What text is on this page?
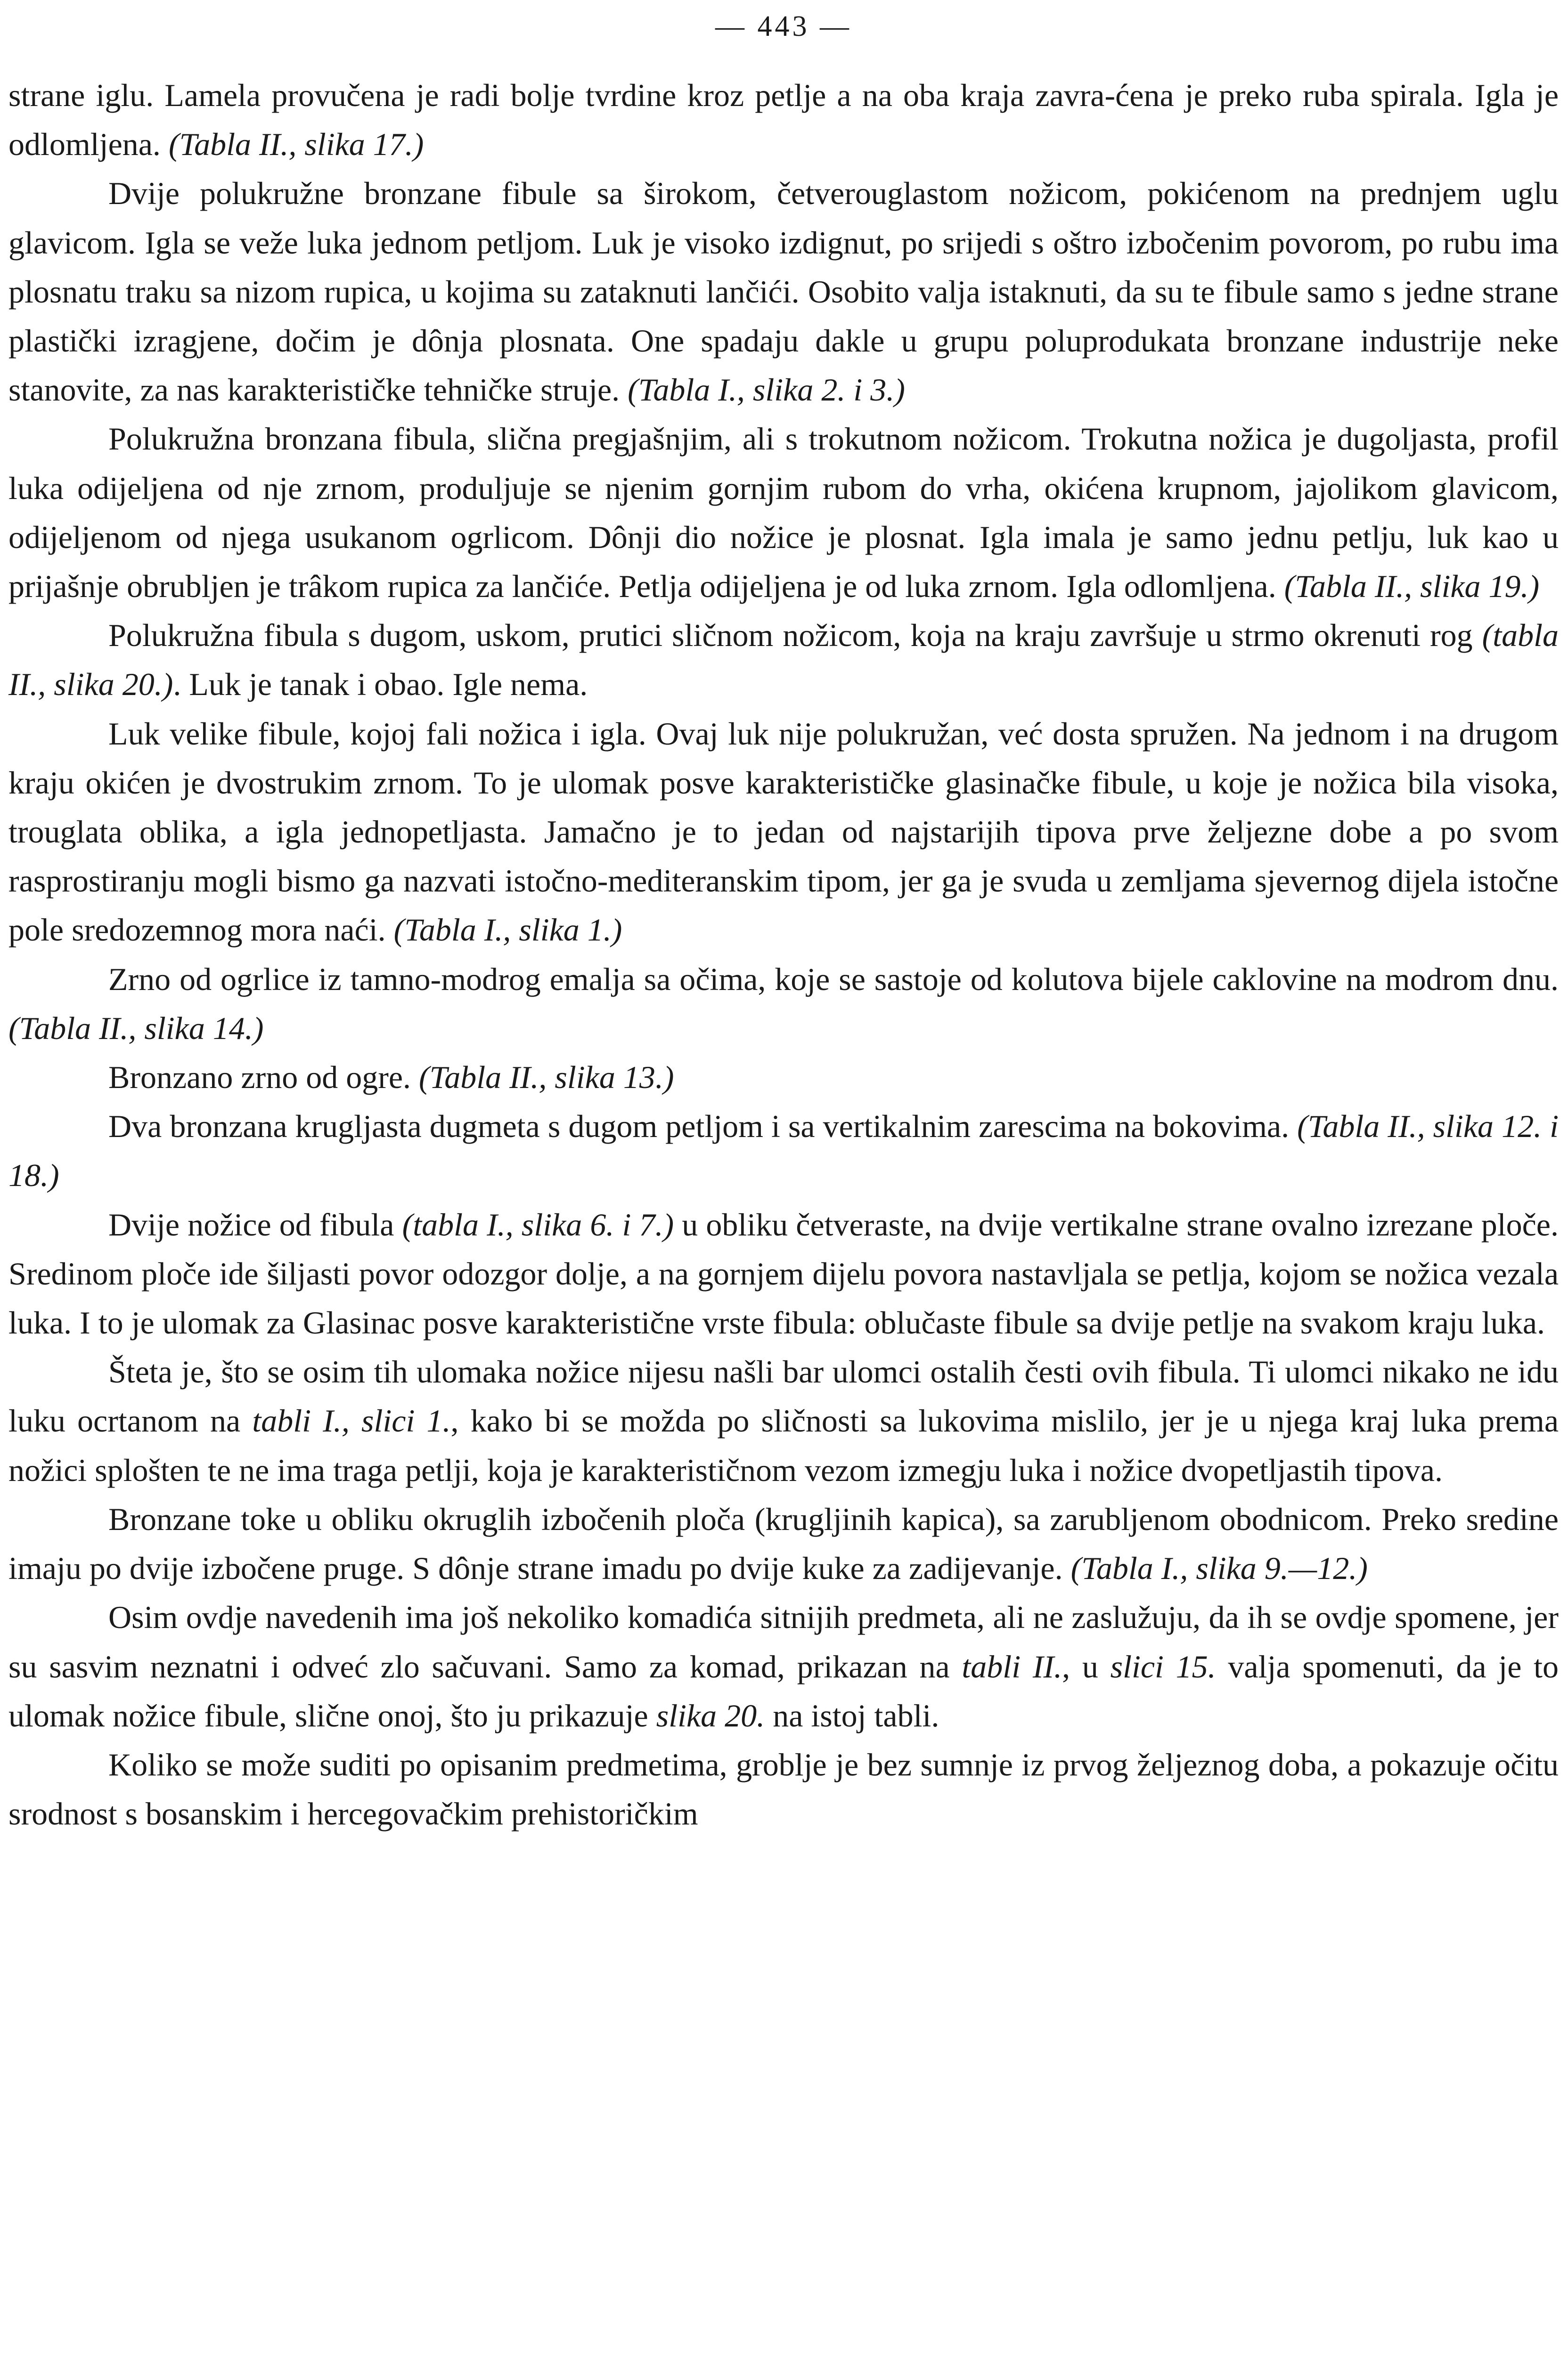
— 443 —

strane iglu. Lamela provučena je radi bolje tvrdine kroz petlje a na oba kraja zavra-ćena je preko ruba spirala. Igla je odlomljena. (Tabla II., slika 17.)

Dvije polukružne bronzane fibule sa širokom, četverouglastom nožicom, pokićenom na prednjem uglu glavicom. Igla se veže luka jednom petljom. Luk je visoko izdignut, po srijedi s oštro izbočenim povorom, po rubu ima plosnatu traku sa nizom rupica, u kojima su zataknuti lančići. Osobito valja istaknuti, da su te fibule samo s jedne strane plastički izragjene, dočim je dônja plosnata. One spadaju dakle u grupu poluprodukata bronzane industrije neke stanovite, za nas karakterističke tehničke struje. (Tabla I., slika 2. i 3.)

Polukružna bronzana fibula, slična pregjašnjim, ali s trokutnom nožicom. Trokutna nožica je dugoljasta, profil luka odijeljena od nje zrnom, produljuje se njenim gornjim rubom do vrha, okićena krupnom, jajolikom glavicom, odijeljenom od njega usukanom ogrlicom. Dônji dio nožice je plosnat. Igla imala je samo jednu petlju, luk kao u prijašnje obrubljen je trâkom rupica za lančiće. Petlja odijeljena je od luka zrnom. Igla odlomljena. (Tabla II., slika 19.)

Polukružna fibula s dugom, uskom, prutici sličnom nožicom, koja na kraju završuje u strmo okrenuti rog (tabla II., slika 20.). Luk je tanak i obao. Igle nema.

Luk velike fibule, kojoj fali nožica i igla. Ovaj luk nije polukružan, već dosta spružen. Na jednom i na drugom kraju okićen je dvostrukim zrnom. To je ulomak posve karakterističke glasinačke fibule, u koje je nožica bila visoka, trouglata oblika, a igla jednopetljasta. Jamačno je to jedan od najstarijih tipova prve željezne dobe a po svom rasprostiranju mogli bismo ga nazvati istočno-mediteranskim tipom, jer ga je svuda u zemljama sjevernog dijela istočne pole sredozemnog mora naći. (Tabla I., slika 1.)

Zrno od ogrlice iz tamno-modrog emalja sa očima, koje se sastoje od kolutova bijele caklovine na modrom dnu. (Tabla II., slika 14.)

Bronzano zrno od ogre. (Tabla II., slika 13.)

Dva bronzana krugljasta dugmeta s dugom petljom i sa vertikalnim zarescima na bokovima. (Tabla II., slika 12. i 18.)

Dvije nožice od fibula (tabla I., slika 6. i 7.) u obliku četveraste, na dvije vertikalne strane ovalno izrezane ploče. Sredinom ploče ide šiljasti povor odozgor dolje, a na gornjem dijelu povora nastavljala se petlja, kojom se nožica vezala luka. I to je ulomak za Glasinac posve karakteristične vrste fibula: oblučaste fibule sa dvije petlje na svakom kraju luka.

Šteta je, što se osim tih ulomaka nožice nijesu našli bar ulomci ostalih česti ovih fibula. Ti ulomci nikako ne idu luku ocrtanom na tabli I., slici 1., kako bi se možda po sličnosti sa lukovima mislilo, jer je u njega kraj luka prema nožici splošten te ne ima traga petlji, koja je karakterističnom vezom izmegju luka i nožice dvopetljastih tipova.

Bronzane toke u obliku okruglih izbočenih ploča (krugljinih kapica), sa zarubljenom obodnicom. Preko sredine imaju po dvije izbočene pruge. S dônje strane imadu po dvije kuke za zadijevanje. (Tabla I., slika 9.—12.)

Osim ovdje navedenih ima još nekoliko komadića sitnijih predmeta, ali ne zaslužuju, da ih se ovdje spomene, jer su sasvim neznatni i odveć zlo sačuvani. Samo za komad, prikazan na tabli II., u slici 15. valja spomenuti, da je to ulomak nožice fibule, slične onoj, što ju prikazuje slika 20. na istoj tabli.

Koliko se može suditi po opisanim predmetima, groblje je bez sumnje iz prvog željeznog doba, a pokazuje očitu srodnost s bosanskim i hercegovačkim prehistoričkim
